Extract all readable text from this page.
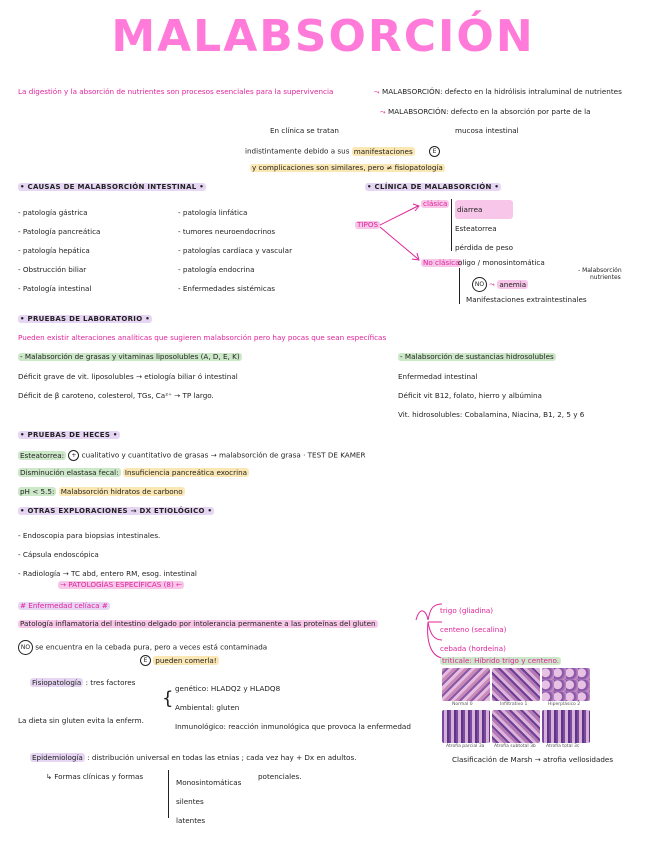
MALABSORCIÓN
La digestión y la absorción de nutrientes son procesos esenciales para la supervivencia	⤳ MALABSORCIÓN: defecto en la hidrólisis intraluminal de nutrientes
⤳ MALABSORCIÓN: defecto en la absorción por parte de la
mucosa intestinal
En clínica se tratan
indistintamente debido a sus manifestaciones	E
y complicaciones son similares, pero ≠ fisiopatología
• CAUSAS DE MALABSORCIÓN INTESTINAL •
- patología gástrica
- Patología pancreática
- patología hepática
- Obstrucción biliar
- Patología intestinal
- patología linfática
- tumores neuroendocrinos
- patologías cardíaca y vascular
- patología endocrina
- Enfermedades sistémicas
• CLÍNICA DE MALABSORCIÓN •
TIPOS
clásica
diarrea
Esteatorrea
pérdida de peso
No clásica
oligo / monosintomática
NO ⤳ anemia
Manifestaciones extraintestinales
- Malabsorción
nutrientes
• PRUEBAS DE LABORATORIO •
Pueden existir alteraciones analíticas que sugieren malabsorción pero hay pocas que sean específicas
- Malabsorción de grasas y vitaminas liposolubles (A, D, E, K)
Déficit grave de vit. liposolubles → etiología biliar ó intestinal
Déficit de β caroteno, colesterol, TGs, Ca²⁺ → TP largo.
- Malabsorción de sustancias hidrosolubles
Enfermedad intestinal
Déficit vit B12, folato, hierro y albúmina
Vit. hidrosolubles: Cobalamina, Niacina, B1, 2, 5 y 6
• PRUEBAS DE HECES •
Esteatorrea: + cualitativo y cuantitativo de grasas → malabsorción de grasa · TEST DE KAMER
Disminución elastasa fecal: Insuficiencia pancreática exocrina
pH < 5.5: Malabsorción hidratos de carbono
• OTRAS EXPLORACIONES → DX ETIOLÓGICO •
- Endoscopia para biopsias intestinales.
- Cápsula endoscópica
- Radiología → TC abd, entero RM, esog. intestinal
→ PATOLOGÍAS ESPECÍFICAS (8) ←
# Enfermedad celíaca #
Patología inflamatoria del intestino delgado por intolerancia permanente a las proteínas del gluten
NO se encuentra en la cebada pura, pero a veces está contaminada
E pueden comerla!
trigo (gliadina)
centeno (secalina)
cebada (hordeína)
triticale: Híbrido trigo y centeno.
Fisiopatología : tres factores
{ genético: HLADQ2 y HLADQ8
Ambiental: gluten
Inmunológico: reacción inmunológica que provoca la enfermedad
La dieta sin gluten evita la enferm.
Normal 0	Infiltrativo 1	Hiperplásico 2
Atrofia parcial 3a Atrofia subtotal 3b Atrofia total 3c
Epidemiología : distribución universal en todas las etnias ; cada vez hay + Dx en adultos.	Clasificación de Marsh → atrofia vellosidades
↳ Formas clínicas y formas
Monosintomáticas
silentes
latentes
potenciales.
